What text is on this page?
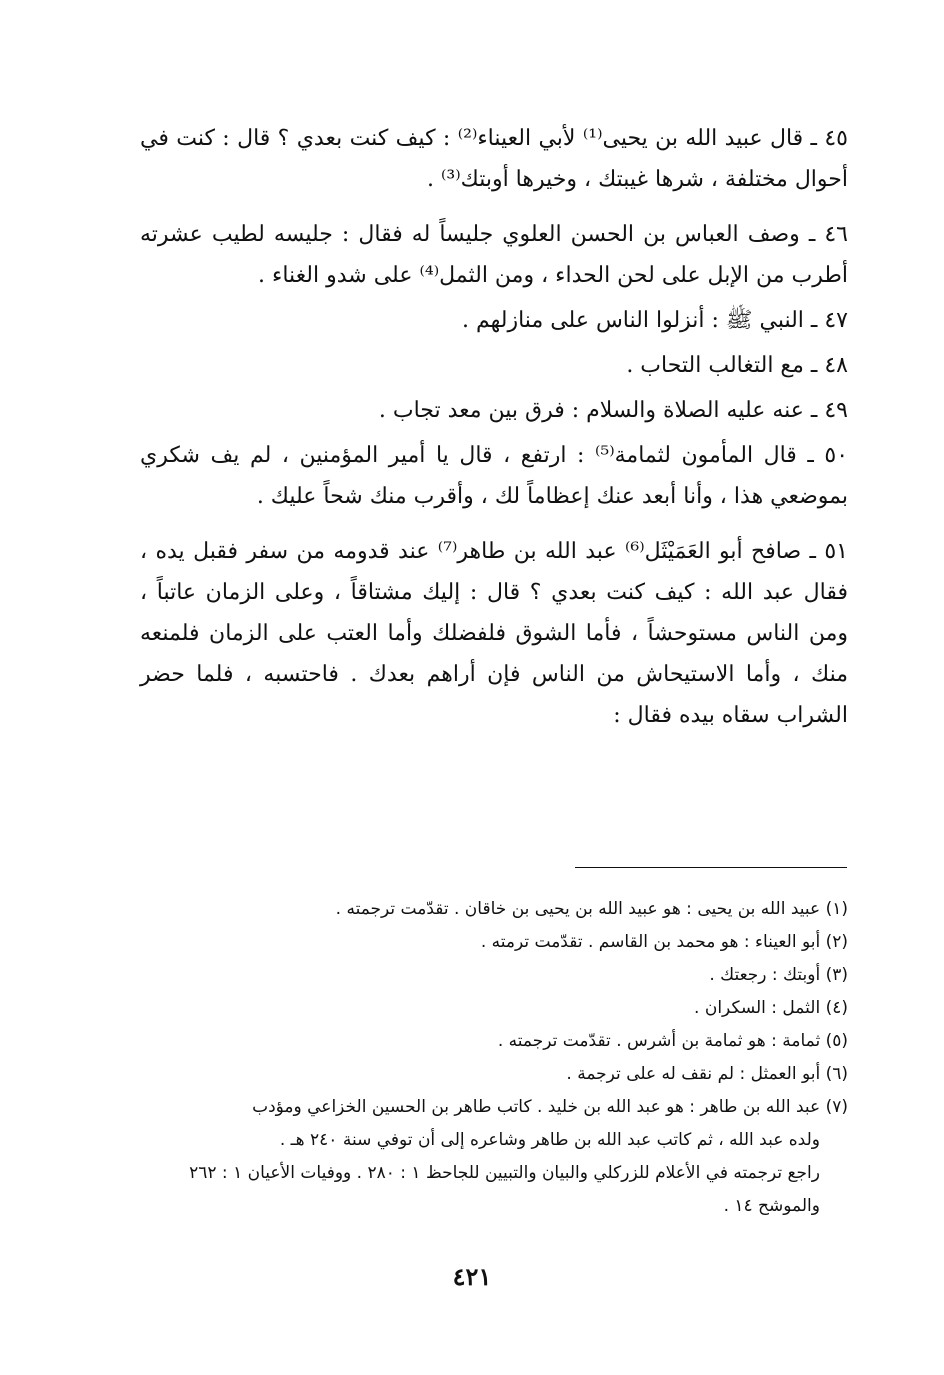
٤٥ ـ قال عبيد الله بن يحيى⁽¹⁾ لأبي العيناء⁽²⁾ : كيف كنت بعدي ؟ قال : كنت في أحوال مختلفة ، شرها غيبتك ، وخيرها أوبتك⁽³⁾ .

٤٦ ـ وصف العباس بن الحسن العلوي جليساً له فقال : جليسه لطيب عشرته أطرب من الإبل على لحن الحداء ، ومن الثمل⁽⁴⁾ على شدو الغناء .

٤٧ ـ النبي ﷺ : أنزلوا الناس على منازلهم .

٤٨ ـ مع التغالب التحاب .

٤٩ ـ عنه عليه الصلاة والسلام : فرق بين معد تجاب .

٥٠ ـ قال المأمون لثمامة⁽⁵⁾ : ارتفع ، قال يا أمير المؤمنين ، لم يف شكري بموضعي هذا ، وأنا أبعد عنك إعظاماً لك ، وأقرب منك شحاً عليك .

٥١ ـ صافح أبو العَمَيْثَل⁽⁶⁾ عبد الله بن طاهر⁽⁷⁾ عند قدومه من سفر فقبل يده ، فقال عبد الله : كيف كنت بعدي ؟ قال : إليك مشتاقاً ، وعلى الزمان عاتباً ، ومن الناس مستوحشاً ، فأما الشوق فلفضلك وأما العتب على الزمان فلمنعه منك ، وأما الاستيحاش من الناس فإن أراهم بعدك . فاحتسبه ، فلما حضر الشراب سقاه بيده فقال :

(١) عبيد الله بن يحيى : هو عبيد الله بن يحيى بن خاقان . تقدّمت ترجمته .

(٢) أبو العيناء : هو محمد بن القاسم . تقدّمت ترمته .

(٣) أوبتك : رجعتك .

(٤) الثمل : السكران .

(٥) ثمامة : هو ثمامة بن أشرس . تقدّمت ترجمته .

(٦) أبو العمثل : لم نقف له على ترجمة .

(٧) عبد الله بن طاهر : هو عبد الله بن خليد . كاتب طاهر بن الحسين الخزاعي ومؤدب

ولده عبد الله ، ثم كاتب عبد الله بن طاهر وشاعره إلى أن توفي سنة ٢٤٠ هـ .

راجع ترجمته في الأعلام للزركلي والبيان والتبيين للجاحظ ١ : ٢٨٠ . ووفيات الأعيان ١ : ٢٦٢ والموشح ١٤ .

٤٢١
